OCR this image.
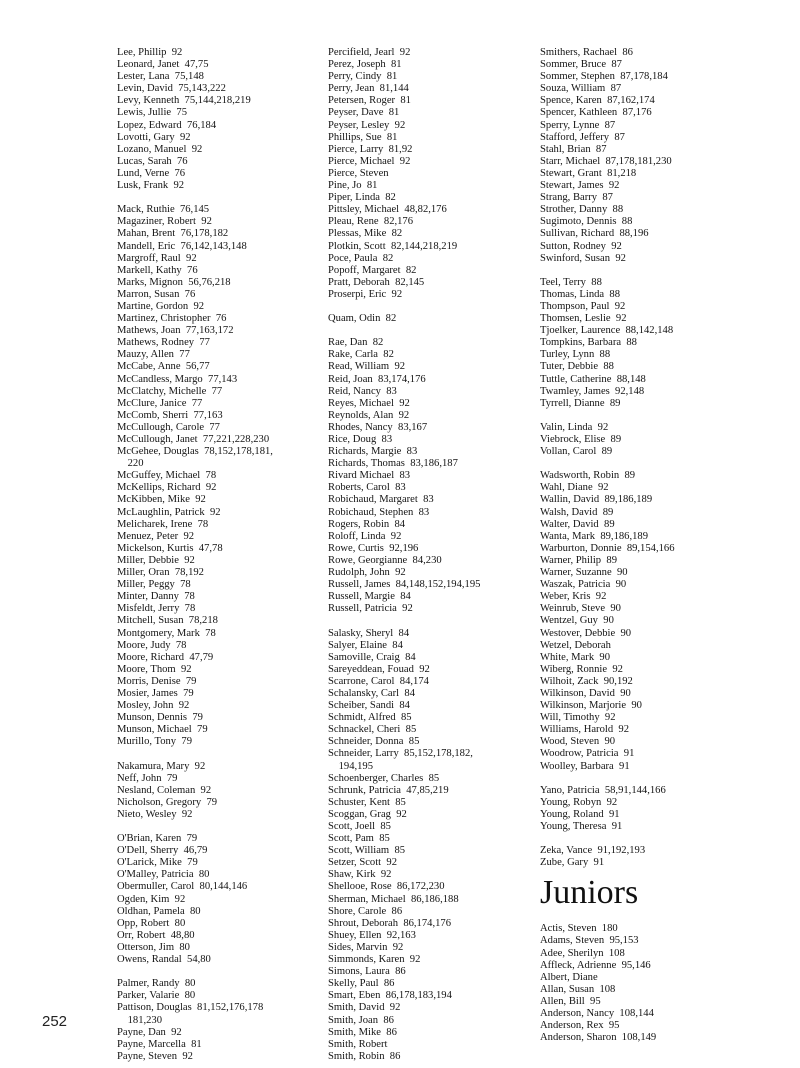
Lee, Phillip  92
Leonard, Janet  47,75
Lester, Lana  75,148
Levin, David  75,143,222
Levy, Kenneth  75,144,218,219
Lewis, Jullie  75
Lopez, Edward  76,184
Lovotti, Gary  92
Lozano, Manuel  92
Lucas, Sarah  76
Lund, Verne  76
Lusk, Frank  92
Mack, Ruthie  76,145
Magaziner, Robert  92
Mahan, Brent  76,178,182
Mandell, Eric  76,142,143,148
Margroff, Raul  92
Markell, Kathy  76
Marks, Mignon  56,76,218
Marron, Susan  76
Martine, Gordon  92
Martinez, Christopher  76
Mathews, Joan  77,163,172
Mathews, Rodney  77
Mauzy, Allen  77
McCabe, Anne  56,77
McCandless, Margo  77,143
McClatchy, Michelle  77
McClure, Janice  77
McComb, Sherri  77,163
McCullough, Carole  77
McCullough, Janet  77,221,228,230
McGehee, Douglas  78,152,178,181,
220
McGuffey, Michael  78
McKellips, Richard  92
McKibben, Mike  92
McLaughlin, Patrick  92
Melicharek, Irene  78
Menuez, Peter  92
Mickelson, Kurtis  47,78
Miller, Debbie  92
Miller, Oran  78,192
Miller, Peggy  78
Minter, Danny  78
Misfeldt, Jerry  78
Mitchell, Susan  78,218
Montgomery, Mark  78
Moore, Judy  78
Moore, Richard  47,79
Moore, Thom  92
Morris, Denise  79
Mosier, James  79
Mosley, John  92
Munson, Dennis  79
Munson, Michael  79
Murillo, Tony  79
Nakamura, Mary  92
Neff, John  79
Nesland, Coleman  92
Nicholson, Gregory  79
Nieto, Wesley  92
O'Brian, Karen  79
O'Dell, Sherry  46,79
O'Larick, Mike  79
O'Malley, Patricia  80
Obermuller, Carol  80,144,146
Ogden, Kim  92
Oldhan, Pamela  80
Opp, Robert  80
Orr, Robert  48,80
Otterson, Jim  80
Owens, Randal  54,80
Palmer, Randy  80
Parker, Valarie  80
Pattison, Douglas  81,152,176,178
181,230
Payne, Dan  92
Payne, Marcella  81
Payne, Steven  92
Percifield, Jearl  92
Perez, Joseph  81
Perry, Cindy  81
Perry, Jean  81,144
Petersen, Roger  81
Peyser, Dave  81
Peyser, Lesley  92
Phillips, Sue  81
Pierce, Larry  81,92
Pierce, Michael  92
Pierce, Steven
Pine, Jo  81
Piper, Linda  82
Pittsley, Michael  48,82,176
Pleau, Rene  82,176
Plessas, Mike  82
Plotkin, Scott  82,144,218,219
Poce, Paula  82
Popoff, Margaret  82
Pratt, Deborah  82,145
Proserpi, Eric  92
Quam, Odin  82
Rae, Dan  82
Rake, Carla  82
Read, William  92
Reid, Joan  83,174,176
Reid, Nancy  83
Reyes, Michael  92
Reynolds, Alan  92
Rhodes, Nancy  83,167
Rice, Doug  83
Richards, Margie  83
Richards, Thomas  83,186,187
Rivard Michael  83
Roberts, Carol  83
Robichaud, Margaret  83
Robichaud, Stephen  83
Rogers, Robin  84
Roloff, Linda  92
Rowe, Curtis  92,196
Rowe, Georgianne  84,230
Rudolph, John  92
Russell, James  84,148,152,194,195
Russell, Margie  84
Russell, Patricia  92
Salasky, Sheryl  84
Salyer, Elaine  84
Samoville, Craig  84
Sareyeddean, Fouad  92
Scarrone, Carol  84,174
Schalansky, Carl  84
Scheiber, Sandi  84
Schmidt, Alfred  85
Schnackel, Cheri  85
Schneider, Donna  85
Schneider, Larry  85,152,178,182,
194,195
Schoenberger, Charles  85
Schrunk, Patricia  47,85,219
Schuster, Kent  85
Scoggan, Grag  92
Scott, Joell  85
Scott, Pam  85
Scott, William  85
Setzer, Scott  92
Shaw, Kirk  92
Shellooe, Rose  86,172,230
Sherman, Michael  86,186,188
Shore, Carole  86
Shrout, Deborah  86,174,176
Shuey, Ellen  92,163
Sides, Marvin  92
Simmonds, Karen  92
Simons, Laura  86
Skelly, Paul  86
Smart, Eben  86,178,183,194
Smith, David  92
Smith, Joan  86
Smith, Mike  86
Smith, Robert
Smith, Robin  86
Smithers, Rachael  86
Sommer, Bruce  87
Sommer, Stephen  87,178,184
Souza, William  87
Spence, Karen  87,162,174
Spencer, Kathleen  87,176
Sperry, Lynne  87
Stafford, Jeffery  87
Stahl, Brian  87
Starr, Michael  87,178,181,230
Stewart, Grant  81,218
Stewart, James  92
Strang, Barry  87
Strother, Danny  88
Sugimoto, Dennis  88
Sullivan, Richard  88,196
Sutton, Rodney  92
Swinford, Susan  92
Teel, Terry  88
Thomas, Linda  88
Thompson, Paul  92
Thomsen, Leslie  92
Tjoelker, Laurence  88,142,148
Tompkins, Barbara  88
Turley, Lynn  88
Tuter, Debbie  88
Tuttle, Catherine  88,148
Twamley, James  92,148
Tyrrell, Dianne  89
Valin, Linda  92
Viebrock, Elise  89
Vollan, Carol  89
Wadsworth, Robin  89
Wahl, Diane  92
Wallin, David  89,186,189
Walsh, David  89
Walter, David  89
Wanta, Mark  89,186,189
Warburton, Donnie  89,154,166
Warner, Philip  89
Warner, Suzanne  90
Waszak, Patricia  90
Weber, Kris  92
Weinrub, Steve  90
Wentzel, Guy  90
Westover, Debbie  90
Wetzel, Deborah
White, Mark  90
Wiberg, Ronnie  92
Wilhoit, Zack  90,192
Wilkinson, David  90
Wilkinson, Marjorie  90
Will, Timothy  92
Williams, Harold  92
Wood, Steven  90
Woodrow, Patricia  91
Woolley, Barbara  91
Yano, Patricia  58,91,144,166
Young, Robyn  92
Young, Roland  91
Young, Theresa  91
Zeka, Vance  91,192,193
Zube, Gary  91
Juniors
Actis, Steven  180
Adams, Steven  95,153
Adee, Sherilyn  108
Affleck, Adrienne  95,146
Albert, Diane
Allan, Susan  108
Allen, Bill  95
Anderson, Nancy  108,144
Anderson, Rex  95
Anderson, Sharon  108,149
252
